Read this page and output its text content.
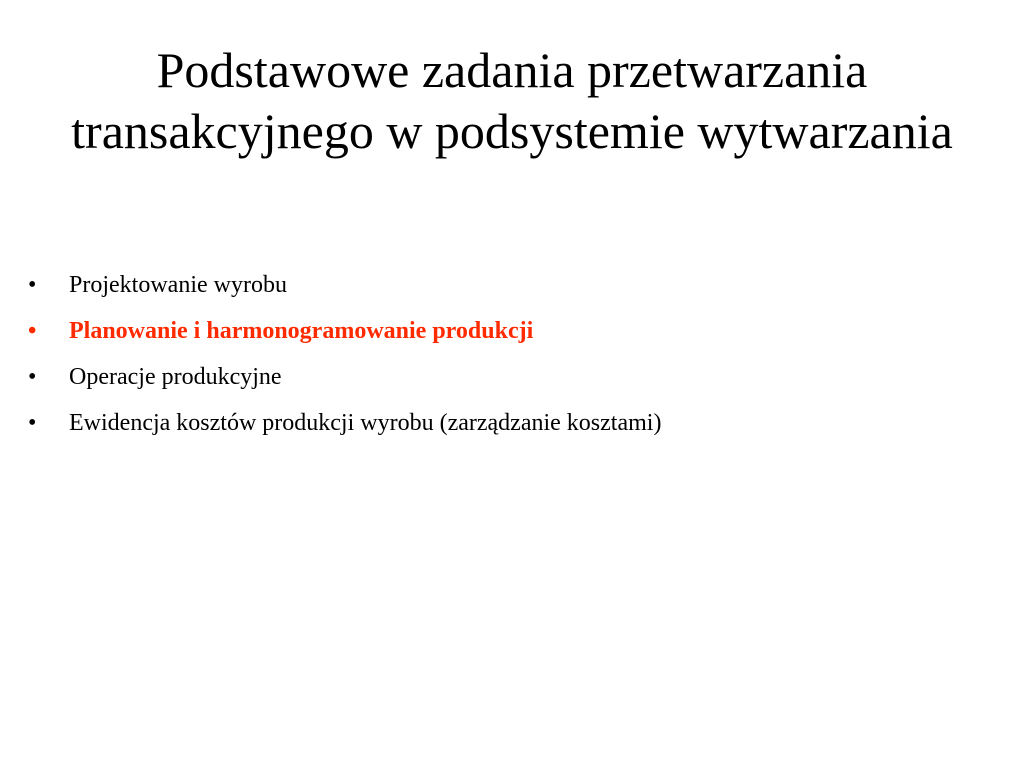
Podstawowe zadania przetwarzania transakcyjnego w podsystemie wytwarzania
•	Projektowanie wyrobu
•	Planowanie i harmonogramowanie produkcji
•	Operacje produkcyjne
•	Ewidencja kosztów produkcji wyrobu (zarządzanie kosztami)
